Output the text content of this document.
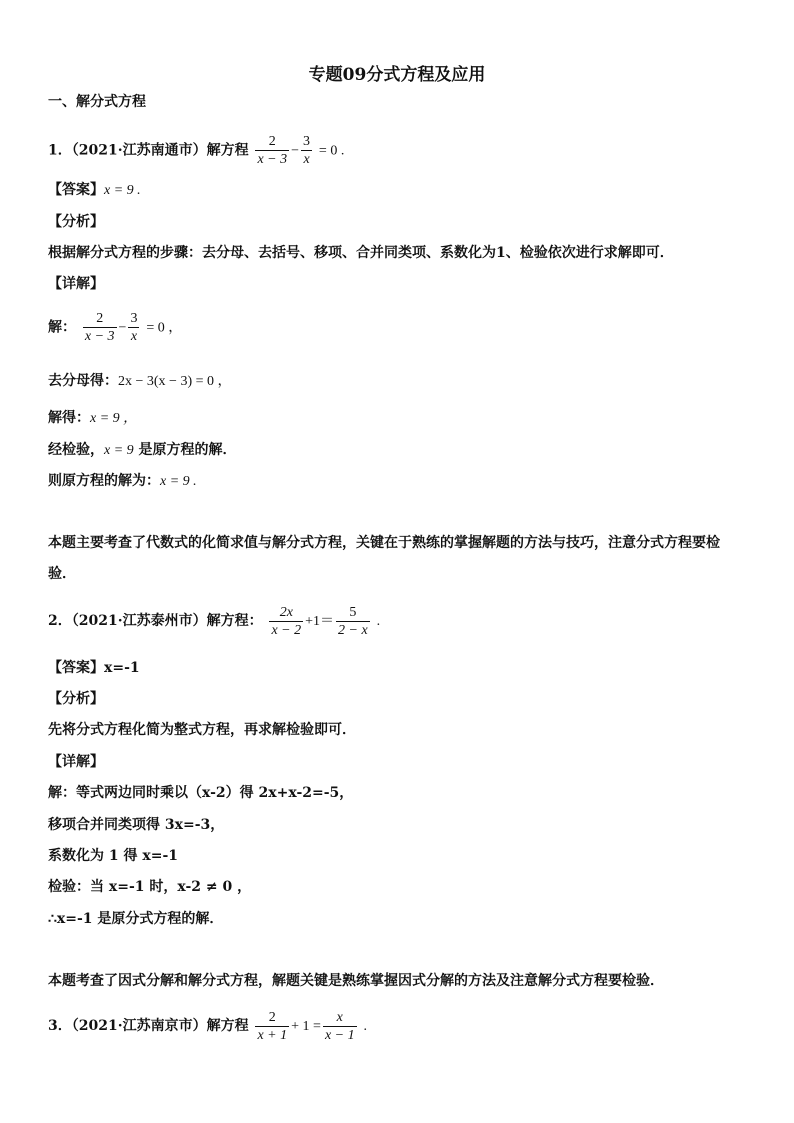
专题09分式方程及应用
一、解分式方程
1．（2021·江苏南通市）解方程 $\frac{2}{x - 3} - \frac{3}{x} = 0$ .
【答案】x = 9 .
【分析】
根据解分式方程的步骤：去分母、去括号、移项、合并同类项、系数化为1、检验依次进行求解即可．
【详解】
解： $\frac{2}{x - 3} - \frac{3}{x} = 0$ ，
去分母得：2x − 3(x − 3) = 0 ，
解得：x = 9 ，
经检验，x = 9 是原方程的解．
则原方程的解为：x = 9 .
本题主要考查了代数式的化简求值与解分式方程，关键在于熟练的掌握解题的方法与技巧，注意分式方程要检
验．
2．（2021·江苏泰州市）解方程： $\frac{2x}{x - 2} +1= \frac{5}{2 - x}$ .
【答案】x=-1
【分析】
先将分式方程化简为整式方程，再求解检验即可．
【详解】
解：等式两边同时乘以（x-2）得 2x+x-2=-5，
移项合并同类项得 3x=-3，
系数化为 1 得 x=-1
检验：当 x=-1 时，x-2 ≠ 0 ，
∴x=-1 是原分式方程的解．
本题考查了因式分解和解分式方程，解题关键是熟练掌握因式分解的方法及注意解分式方程要检验．
3．（2021·江苏南京市）解方程 $\frac{2}{x + 1} + 1 = \frac{x}{x - 1}$ .
